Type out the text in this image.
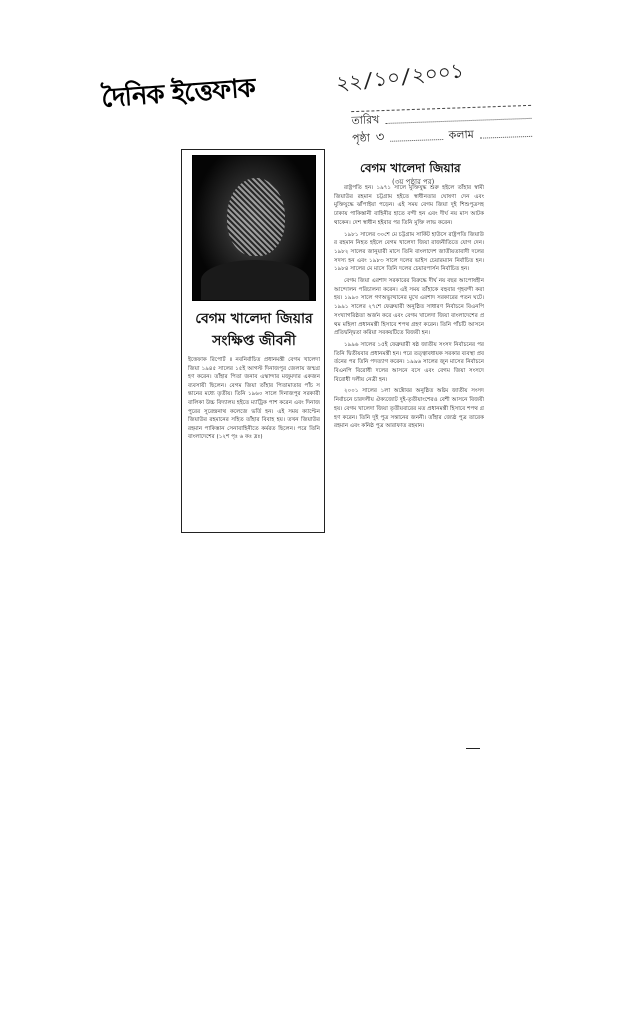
দৈনিক ইত্তেফাক	২২/১০/২০০১
তারিখ
পৃষ্ঠা ৩	কলাম
বেগম খালেদা জিয়ার
সংক্ষিপ্ত জীবনী
ইত্তেফাক রিপোর্ট ॥ নবনির্বাচিত প্রধানমন্ত্রী বেগম খালেদা জিয়া ১৯৪৫ সালের ১৫ই আগস্ট দিনাজপুর জেলায় জন্মগ্রহণ করেন। তাঁহার পিতা জনাব এস্কান্দার মজুমদার একজন ব্যবসায়ী ছিলেন। বেগম জিয়া তাঁহার পিতামাতার পাঁচ সন্তানের মধ্যে তৃতীয়। তিনি ১৯৬০ সালে দিনাজপুর সরকারী বালিকা উচ্চ বিদ্যালয় হইতে ম্যাট্রিক পাশ করেন এবং দিনাজপুরের সুরেন্দ্রনাথ কলেজে ভর্তি হন। এই সময় ক্যাপ্টেন জিয়াউর রহমানের সহিত তাঁহার বিবাহ হয়। তখন জিয়াউর রহমান পাকিস্তান সেনাবাহিনীতে কর্মরত ছিলেন। পরে তিনি বাংলাদেশের (১২শ পৃঃ ৬ কঃ দ্রঃ)
বেগম খালেদা জিয়ার
(৩য় পৃষ্ঠার পর)

রাষ্ট্রপতি হন। ১৯৭১ সালে মুক্তিযুদ্ধ শুরু হইলে তাঁহার স্বামী জিয়াউর রহমান চট্টগ্রাম হইতে স্বাধীনতার ঘোষণা দেন এবং মুক্তিযুদ্ধে ঝাঁপাইয়া পড়েন। এই সময় বেগম জিয়া দুই শিশুপুত্রসহ ঢাকায় পাকিস্তানী বাহিনীর হাতে বন্দী হন এবং দীর্ঘ নয় মাস আটক থাকেন। দেশ স্বাধীন হইবার পর তিনি মুক্তি লাভ করেন।

১৯৮১ সালের ৩০শে মে চট্টগ্রাম সার্কিট হাউসে রাষ্ট্রপতি জিয়াউর রহমান নিহত হইলে বেগম খালেদা জিয়া রাজনীতিতে যোগ দেন। ১৯৮২ সালের জানুয়ারী মাসে তিনি বাংলাদেশ জাতীয়তাবাদী দলের সদস্য হন এবং ১৯৮৩ সালে দলের ভাইস চেয়ারম্যান নির্বাচিত হন। ১৯৮৪ সালের মে মাসে তিনি দলের চেয়ারপার্সন নির্বাচিত হন।

বেগম জিয়া এরশাদ সরকারের বিরুদ্ধে দীর্ঘ নয় বছর আপোষহীন আন্দোলন পরিচালনা করেন। এই সময় তাঁহাকে বহুবার গৃহবন্দী করা হয়। ১৯৯০ সালে গণঅভ্যুত্থানের মুখে এরশাদ সরকারের পতন ঘটে। ১৯৯১ সালের ২৭শে ফেব্রুয়ারী অনুষ্ঠিত সাধারণ নির্বাচনে বিএনপি সংখ্যাগরিষ্ঠতা অর্জন করে এবং বেগম খালেদা জিয়া বাংলাদেশের প্রথম মহিলা প্রধানমন্ত্রী হিসাবে শপথ গ্রহণ করেন। তিনি পাঁচটি আসনে প্রতিদ্বন্দ্বিতা করিয়া সবকয়টিতে বিজয়ী হন।

১৯৯৬ সালের ১৫ই ফেব্রুয়ারী ষষ্ঠ জাতীয় সংসদ নির্বাচনের পর তিনি দ্বিতীয়বার প্রধানমন্ত্রী হন। পরে তত্ত্বাবধায়ক সরকার ব্যবস্থা প্রবর্তনের পর তিনি পদত্যাগ করেন। ১৯৯৬ সালের জুন মাসের নির্বাচনে বিএনপি বিরোধী দলের আসনে বসে এবং বেগম জিয়া সংসদে বিরোধী দলীয় নেত্রী হন।

২০০১ সালের ১লা অক্টোবর অনুষ্ঠিত অষ্টম জাতীয় সংসদ নির্বাচনে চারদলীয় ঐক্যজোট দুই-তৃতীয়াংশেরও বেশী আসনে বিজয়ী হয়। বেগম খালেদা জিয়া তৃতীয়বারের মত প্রধানমন্ত্রী হিসাবে শপথ গ্রহণ করেন। তিনি দুই পুত্র সন্তানের জননী। তাঁহার জ্যেষ্ঠ পুত্র তারেক রহমান এবং কনিষ্ঠ পুত্র আরাফাত রহমান।
